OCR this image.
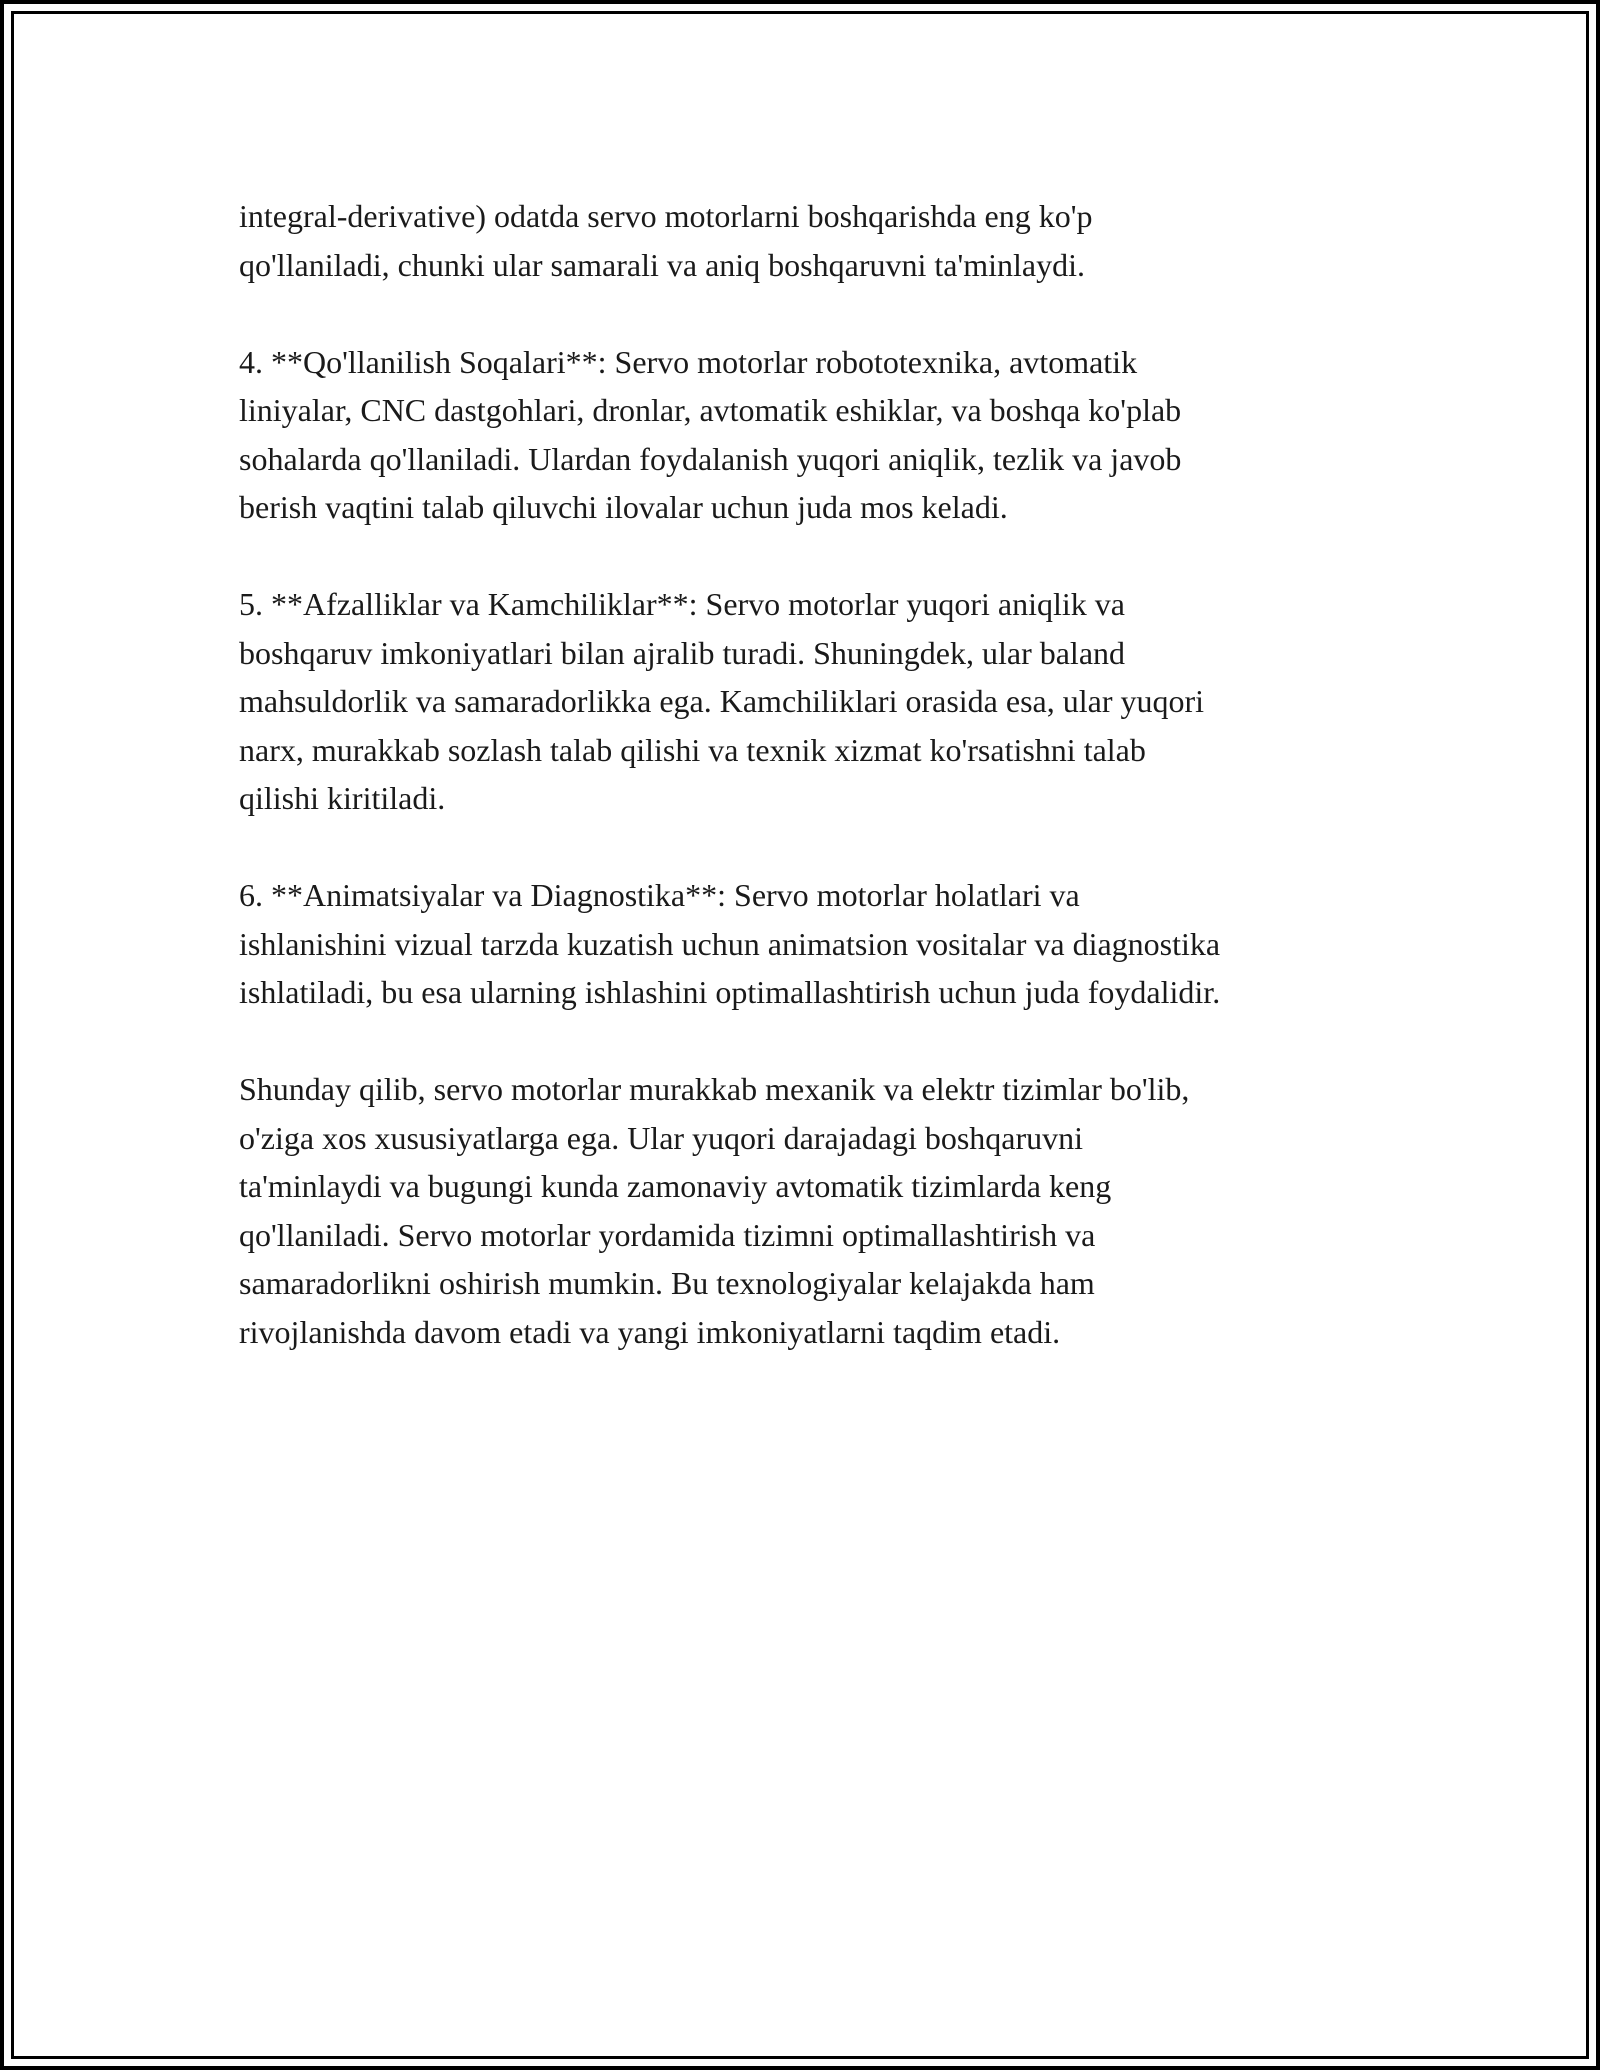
integral-derivative) odatda servo motorlarni boshqarishda eng ko'p
qo'llaniladi, chunki ular samarali va aniq boshqaruvni ta'minlaydi.
4. **Qo'llanilish Soqalari**: Servo motorlar robototexnika, avtomatik
liniyalar, CNC dastgohlari, dronlar, avtomatik eshiklar, va boshqa ko'plab
sohalarda qo'llaniladi. Ulardan foydalanish yuqori aniqlik, tezlik va javob
berish vaqtini talab qiluvchi ilovalar uchun juda mos keladi.
5. **Afzalliklar va Kamchiliklar**: Servo motorlar yuqori aniqlik va
boshqaruv imkoniyatlari bilan ajralib turadi. Shuningdek, ular baland
mahsuldorlik va samaradorlikka ega. Kamchiliklari orasida esa, ular yuqori
narx, murakkab sozlash talab qilishi va texnik xizmat ko'rsatishni talab
qilishi kiritiladi.
6. **Animatsiyalar va Diagnostika**: Servo motorlar holatlari va
ishlanishini vizual tarzda kuzatish uchun animatsion vositalar va diagnostika
ishlatiladi, bu esa ularning ishlashini optimallashtirish uchun juda foydalidir.
Shunday qilib, servo motorlar murakkab mexanik va elektr tizimlar bo'lib,
o'ziga xos xususiyatlarga ega. Ular yuqori darajadagi boshqaruvni
ta'minlaydi va bugungi kunda zamonaviy avtomatik tizimlarda keng
qo'llaniladi. Servo motorlar yordamida tizimni optimallashtirish va
samaradorlikni oshirish mumkin. Bu texnologiyalar kelajakda ham
rivojlanishda davom etadi va yangi imkoniyatlarni taqdim etadi.
